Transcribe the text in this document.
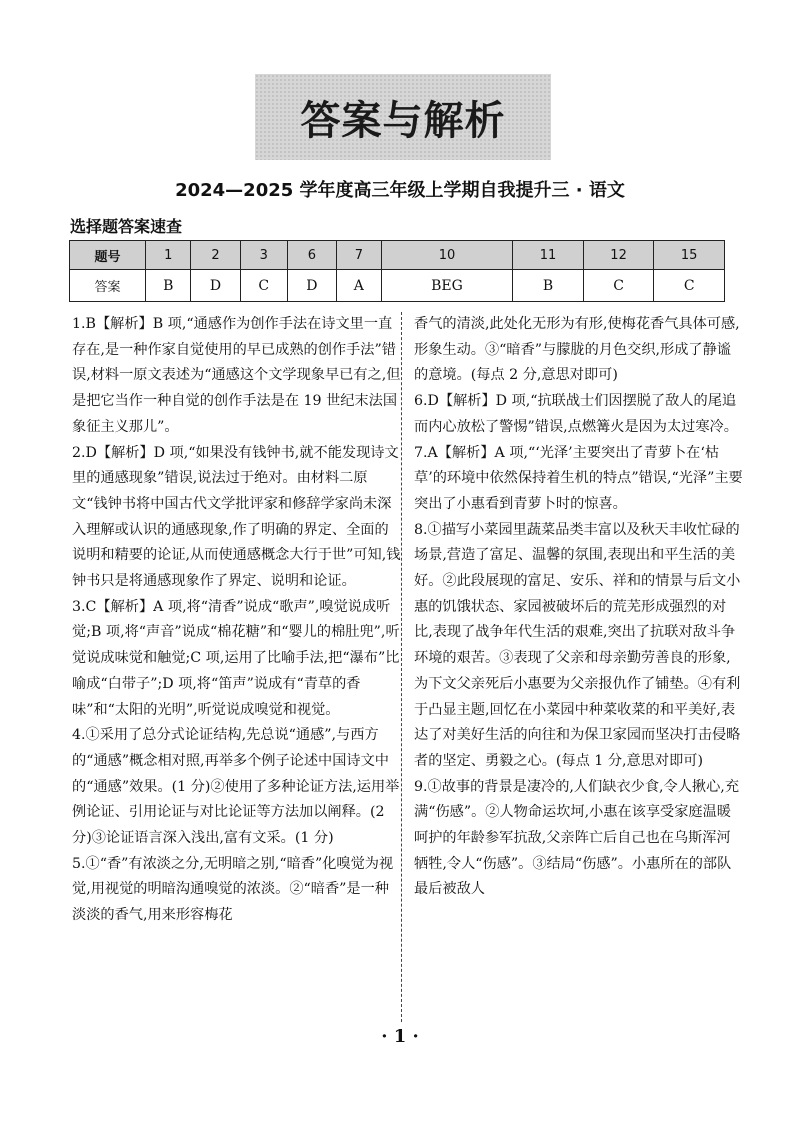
答案与解析
2024—2025 学年度高三年级上学期自我提升三 · 语文
选择题答案速查
题号	1	2	3	6	7	10	11	12	15
答案	B	D	C	D	A	BEG	B	C	C

1.B【解析】B 项,“通感作为创作手法在诗文里一直存在,是一种作家自觉使用的早已成熟的创作手法”错误,材料一原文表述为“通感这个文学现象早已有之,但是把它当作一种自觉的创作手法是在 19 世纪末法国象征主义那儿”。

2.D【解析】D 项,“如果没有钱钟书,就不能发现诗文里的通感现象”错误,说法过于绝对。由材料二原文“钱钟书将中国古代文学批评家和修辞学家尚未深入理解或认识的通感现象,作了明确的界定、全面的说明和精要的论证,从而使通感概念大行于世”可知,钱钟书只是将通感现象作了界定、说明和论证。

3.C【解析】A 项,将“清香”说成“歌声”,嗅觉说成听觉;B 项,将“声音”说成“棉花糖”和“婴儿的棉肚兜”,听觉说成味觉和触觉;C 项,运用了比喻手法,把“瀑布”比喻成“白带子”;D 项,将“笛声”说成有“青草的香味”和“太阳的光明”,听觉说成嗅觉和视觉。

4.①采用了总分式论证结构,先总说“通感”,与西方的“通感”概念相对照,再举多个例子论述中国诗文中的“通感”效果。(1 分)②使用了多种论证方法,运用举例论证、引用论证与对比论证等方法加以阐释。(2 分)③论证语言深入浅出,富有文采。(1 分)

5.①“香”有浓淡之分,无明暗之别,“暗香”化嗅觉为视觉,用视觉的明暗沟通嗅觉的浓淡。②“暗香”是一种淡淡的香气,用来形容梅花

香气的清淡,此处化无形为有形,使梅花香气具体可感,形象生动。③“暗香”与朦胧的月色交织,形成了静谧的意境。(每点 2 分,意思对即可)

6.D【解析】D 项,“抗联战士们因摆脱了敌人的尾追而内心放松了警惕”错误,点燃篝火是因为太过寒冷。

7.A【解析】A 项,“‘光泽’主要突出了青萝卜在‘枯草’的环境中依然保持着生机的特点”错误,“光泽”主要突出了小惠看到青萝卜时的惊喜。

8.①描写小菜园里蔬菜品类丰富以及秋天丰收忙碌的场景,营造了富足、温馨的氛围,表现出和平生活的美好。②此段展现的富足、安乐、祥和的情景与后文小惠的饥饿状态、家园被破坏后的荒芜形成强烈的对比,表现了战争年代生活的艰难,突出了抗联对敌斗争环境的艰苦。③表现了父亲和母亲勤劳善良的形象,为下文父亲死后小惠要为父亲报仇作了铺垫。④有利于凸显主题,回忆在小菜园中种菜收菜的和平美好,表达了对美好生活的向往和为保卫家园而坚决打击侵略者的坚定、勇毅之心。(每点 1 分,意思对即可)

9.①故事的背景是凄冷的,人们缺衣少食,令人揪心,充满“伤感”。②人物命运坎坷,小惠在该享受家庭温暖呵护的年龄参军抗敌,父亲阵亡后自己也在乌斯浑河牺牲,令人“伤感”。③结局“伤感”。小惠所在的部队最后被敌人

· 1 ·
